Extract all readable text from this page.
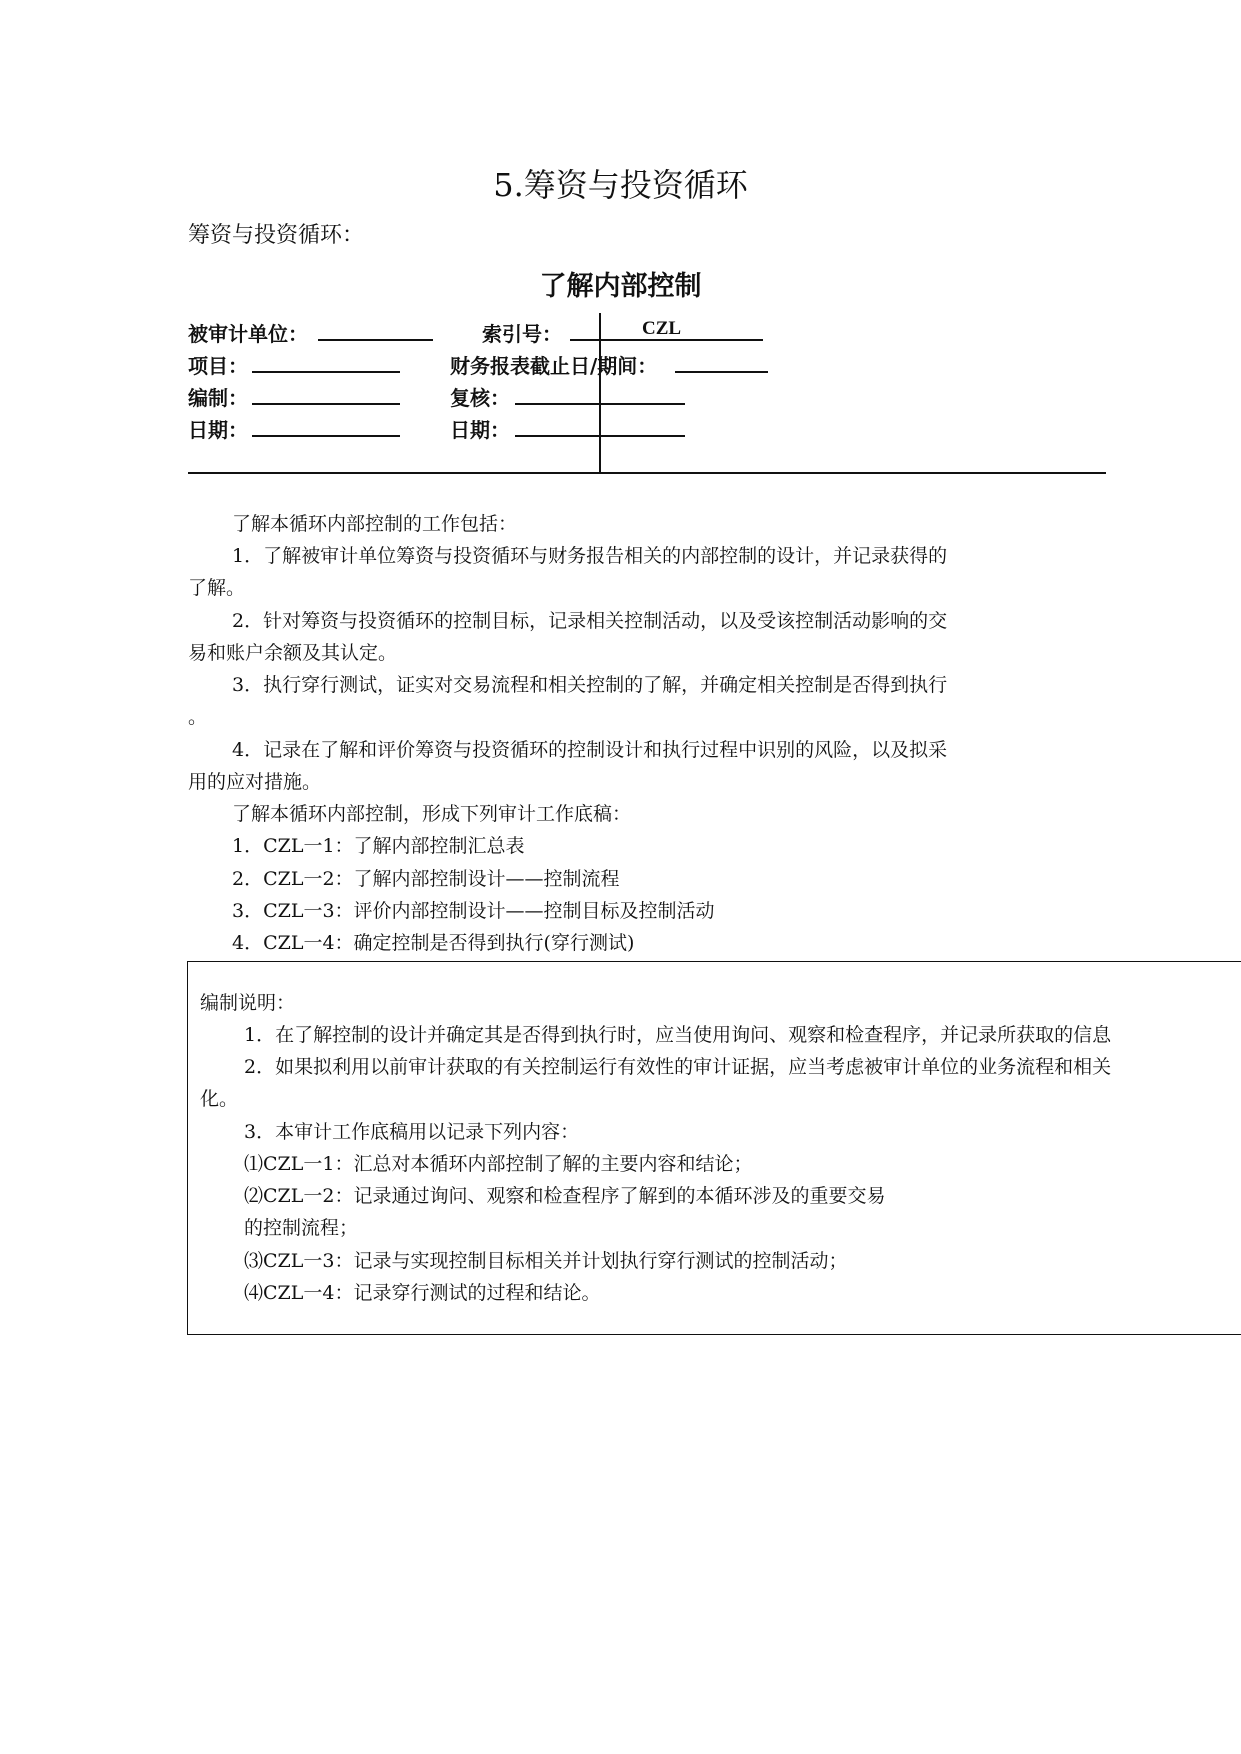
5.筹资与投资循环
筹资与投资循环：
了解内部控制
被审计单位：	索引号：	CZL
项目：	财务报表截止日/期间：
编制：	复核：
日期：	日期：
了解本循环内部控制的工作包括：
1．了解被审计单位筹资与投资循环与财务报告相关的内部控制的设计，并记录获得的
了解。
2．针对筹资与投资循环的控制目标，记录相关控制活动，以及受该控制活动影响的交
易和账户余额及其认定。
3．执行穿行测试，证实对交易流程和相关控制的了解，并确定相关控制是否得到执行
。
4．记录在了解和评价筹资与投资循环的控制设计和执行过程中识别的风险，以及拟采
用的应对措施。
了解本循环内部控制，形成下列审计工作底稿：
1．CZL一1：了解内部控制汇总表
2．CZL一2：了解内部控制设计——控制流程
3．CZL一3：评价内部控制设计——控制目标及控制活动
4．CZL一4：确定控制是否得到执行(穿行测试)
编制说明：
1．在了解控制的设计并确定其是否得到执行时，应当使用询问、观察和检查程序，并记录所获取的信息
2．如果拟利用以前审计获取的有关控制运行有效性的审计证据，应当考虑被审计单位的业务流程和相关
化。
3．本审计工作底稿用以记录下列内容：
⑴CZL一1：汇总对本循环内部控制了解的主要内容和结论；
⑵CZL一2：记录通过询问、观察和检查程序了解到的本循环涉及的重要交易
的控制流程；
⑶CZL一3：记录与实现控制目标相关并计划执行穿行测试的控制活动；
⑷CZL一4：记录穿行测试的过程和结论。
